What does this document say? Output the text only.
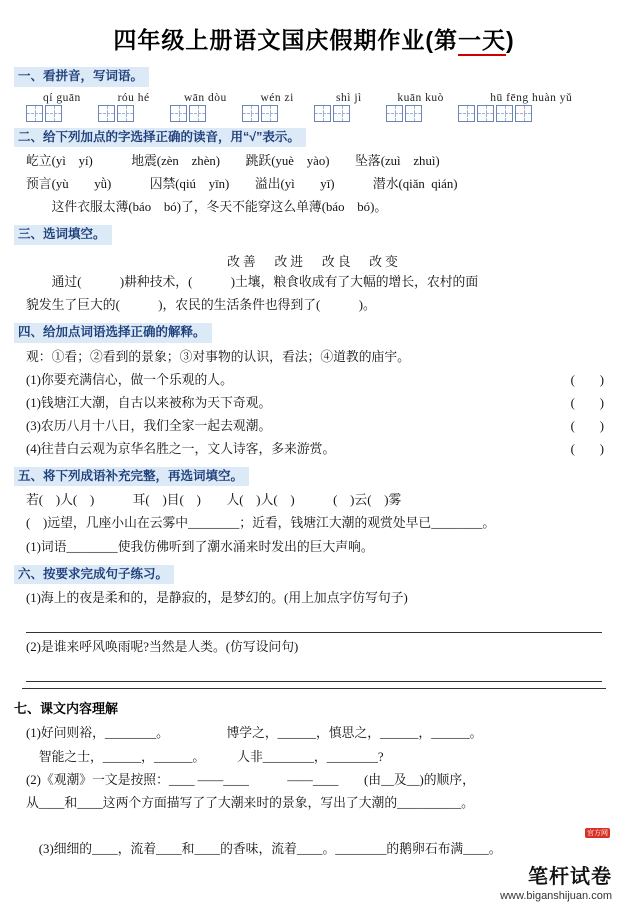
四年级上册语文国庆假期作业(第一天)
一、看拼音，写词语。
qí guān	róu hé	wān dòu	wén zi	shì jì	kuān kuò	hū fēng huàn yǔ
二、给下列加点的字选择正确的读音，用“√”表示。
屹立(yì　yí)　　　地震(zèn　zhèn)　　跳跃(yuè　yào)　　坠落(zuì　zhuì)
预言(yù　　yǜ)　　　囚禁(qiú　yīn)　　溢出(yì　　yī)　　　潜水(qiǎn  qián)
　　这件衣服太薄(báo　bó)了，冬天不能穿这么单薄(báo　bó)。
三、选词填空。
改善　改进　改良　改变
　　通过(　　　)耕种技术，(　　　)土壤，粮食收成有了大幅的增长，农村的面
貌发生了巨大的(　　　)，农民的生活条件也得到了(　　　)。
四、给加点词语选择正确的解释。
观：①看；②看到的景象；③对事物的认识，看法；④道教的庙宇。
(1)你要充满信心，做一个乐观的人。	(　)
(1)钱塘江大潮，自古以来被称为天下奇观。	(　)
(3)农历八月十八日，我们全家一起去观潮。	(　)
(4)往昔白云观为京华名胜之一，文人诗客，多来游赏。	(　)
五、将下列成语补充完整，再选词填空。
若(　)人(　)　　　耳(　)目(　)　　人(　)人(　)　　　(　)云(　)雾
(　)远望，几座小山在云雾中________；近看，钱塘江大潮的观赏处早已________。
(1)词语________使我仿佛听到了潮水涌来时发出的巨大声响。
六、按要求完成句子练习。
(1)海上的夜是柔和的，是静寂的，是梦幻的。(用上加点字仿写句子)
(2)是谁来呼风唤雨呢?当然是人类。(仿写设问句)
七、课文内容理解
(1)好问则裕，________。　　　　　博学之，______，慎思之，______，______。
　智能之士，______，______。　　　人非________，________?
(2)《观潮》一文是按照：____ ——____　　　——____　　(由__及__)的顺序，
从____和____这两个方面描写了了大潮来时的景象，写出了大潮的__________。

(3)细细的____，流着____和____的香味，流着____。________的鹅卵石布满____。

官方网
笔杆试卷
www.biganshijuan.com
